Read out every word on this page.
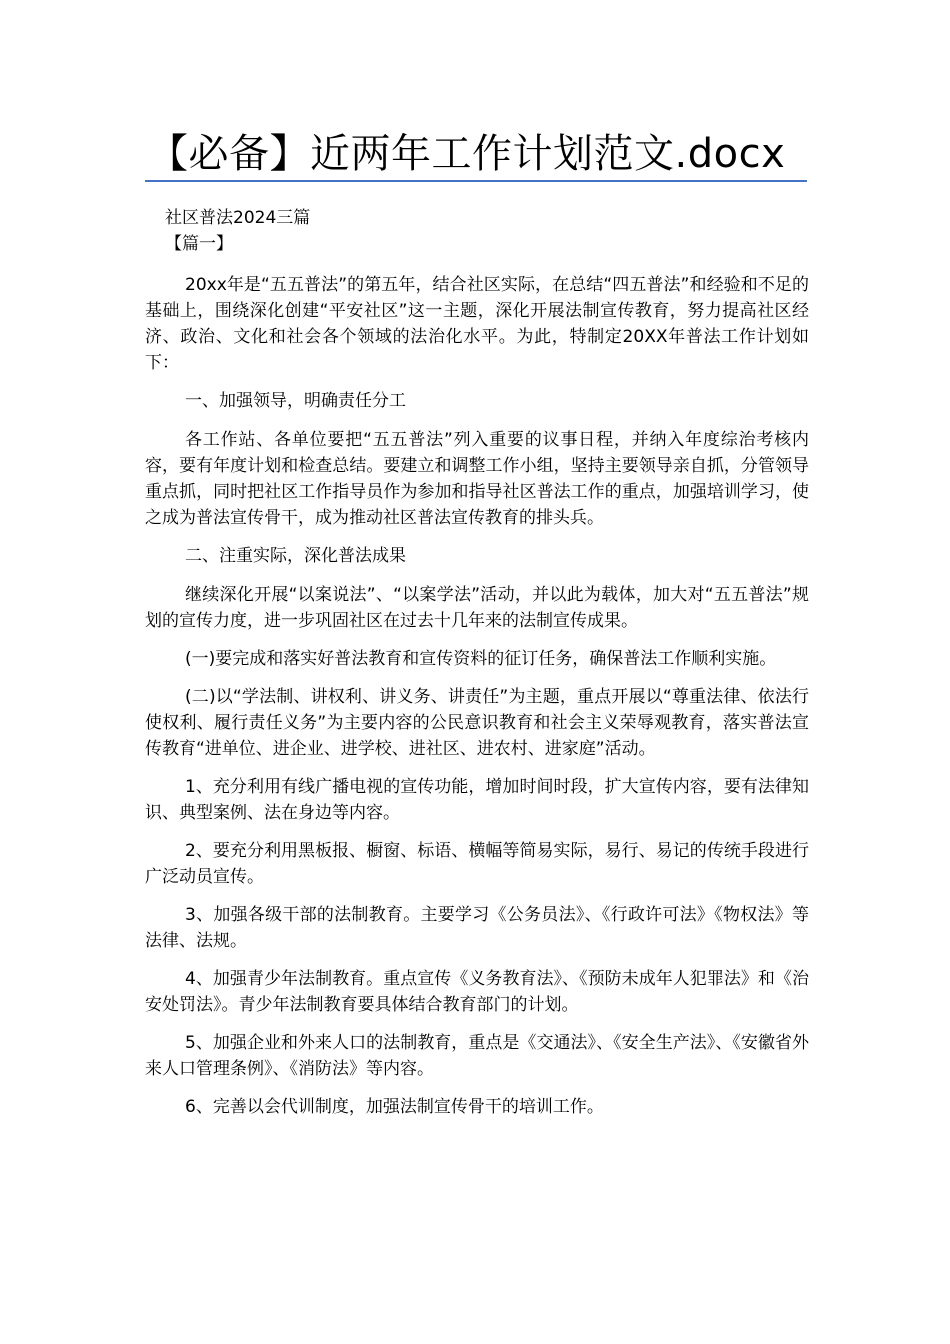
【必备】近两年工作计划范文.docx

社区普法2024三篇

【篇一】

20xx年是“五五普法”的第五年，结合社区实际，在总结“四五普法”和经验和不足的基础上，围绕深化创建“平安社区”这一主题，深化开展法制宣传教育，努力提高社区经济、政治、文化和社会各个领域的法治化水平。为此，特制定20XX年普法工作计划如下：

一、加强领导，明确责任分工

各工作站、各单位要把“五五普法”列入重要的议事日程，并纳入年度综治考核内容，要有年度计划和检查总结。要建立和调整工作小组，坚持主要领导亲自抓，分管领导重点抓，同时把社区工作指导员作为参加和指导社区普法工作的重点，加强培训学习，使之成为普法宣传骨干，成为推动社区普法宣传教育的排头兵。

二、注重实际，深化普法成果

继续深化开展“以案说法”、“以案学法”活动，并以此为载体，加大对“五五普法”规划的宣传力度，进一步巩固社区在过去十几年来的法制宣传成果。

(一)要完成和落实好普法教育和宣传资料的征订任务，确保普法工作顺利实施。

(二)以“学法制、讲权利、讲义务、讲责任”为主题，重点开展以“尊重法律、依法行使权利、履行责任义务”为主要内容的公民意识教育和社会主义荣辱观教育，落实普法宣传教育“进单位、进企业、进学校、进社区、进农村、进家庭”活动。

1、充分利用有线广播电视的宣传功能，增加时间时段，扩大宣传内容，要有法律知识、典型案例、法在身边等内容。

2、要充分利用黑板报、橱窗、标语、横幅等简易实际，易行、易记的传统手段进行广泛动员宣传。

3、加强各级干部的法制教育。主要学习《公务员法》、《行政许可法》《物权法》等法律、法规。

4、加强青少年法制教育。重点宣传《义务教育法》、《预防未成年人犯罪法》和《治安处罚法》。青少年法制教育要具体结合教育部门的计划。

5、加强企业和外来人口的法制教育，重点是《交通法》、《安全生产法》、《安徽省外来人口管理条例》、《消防法》等内容。

6、完善以会代训制度，加强法制宣传骨干的培训工作。
